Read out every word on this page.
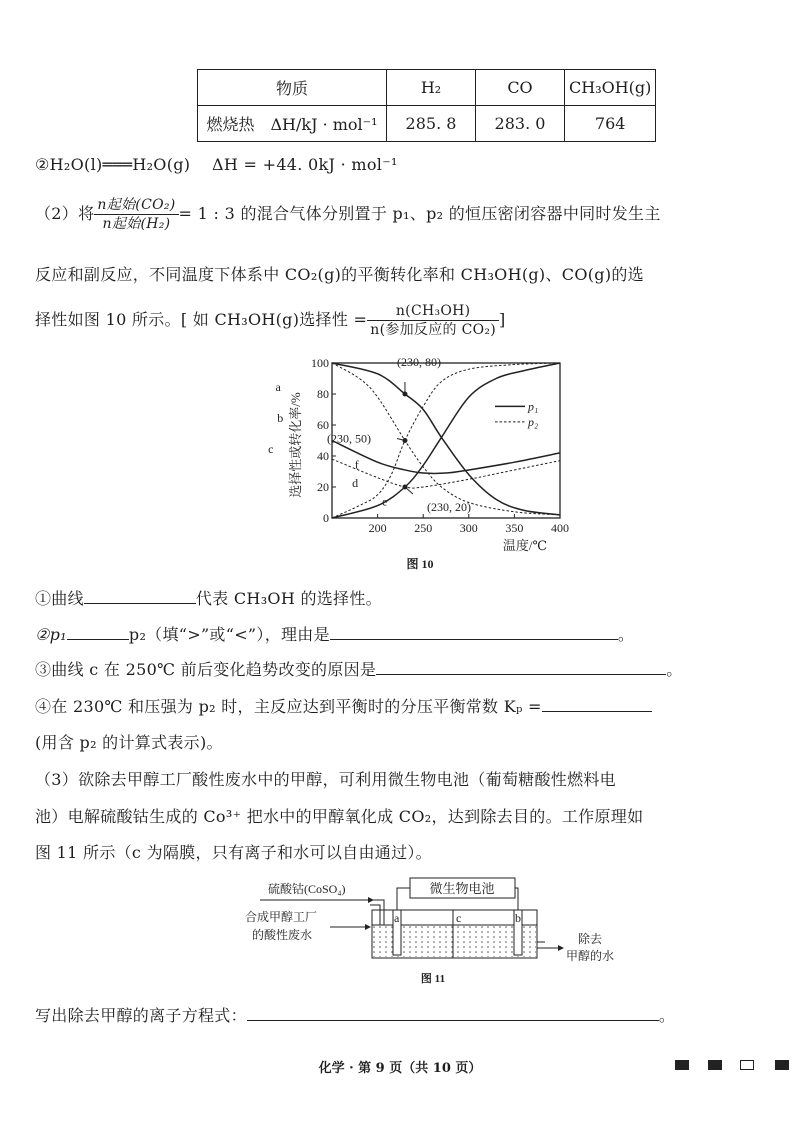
物质	H₂	CO	CH₃OH(g)
燃烧热　ΔH/kJ · mol⁻¹	285. 8	283. 0	764
②H₂O(l)═══H₂O(g)　 ΔH = +44. 0kJ · mol⁻¹
（2）将 $\frac{\text{n起始(CO₂)}}{\text{n起始(H₂)}} = 1$ : 3 的混合气体分别置于 p₁、p₂ 的恒压密闭容器中同时发生主
反应和副反应，不同温度下体系中 CO₂(g)的平衡转化率和 CH₃OH(g)、CO(g)的选
择性如图 10 所示。[ 如 CH₃OH(g)选择性 = $\frac{\text{n(CH₃OH)}}{\text{n(参加反应的 CO₂)}}$ ]
0
20
40
60
80
100
200 250 300 350 400
a
b
c
d
e
f
(230, 80)
(230, 50)
(230, 20)
p₁
p₂
选择性或转化率/%
温度/℃
图 10
①曲线	代表 CH₃OH 的选择性。
②p₁	p₂（填“>”或“<”），理由是	。
③曲线 c 在 250℃ 前后变化趋势改变的原因是	。
④在 230℃ 和压强为 p₂ 时，主反应达到平衡时的分压平衡常数 Kₚ =
(用含 p₂ 的计算式表示)。
（3）欲除去甲醇工厂酸性废水中的甲醇，可利用微生物电池（葡萄糖酸性燃料电
池）电解硫酸钴生成的 Co³⁺ 把水中的甲醇氧化成 CO₂，达到除去目的。工作原理如
图 11 所示（c 为隔膜，只有离子和水可以自由通过）。
微生物电池
a	c	b
硫酸钴(CoSO₄)
合成甲醇工厂
的酸性废水	除去
甲醇的水
图 11
写出除去甲醇的离子方程式：	。
化学 · 第 9 页（共 10 页）
